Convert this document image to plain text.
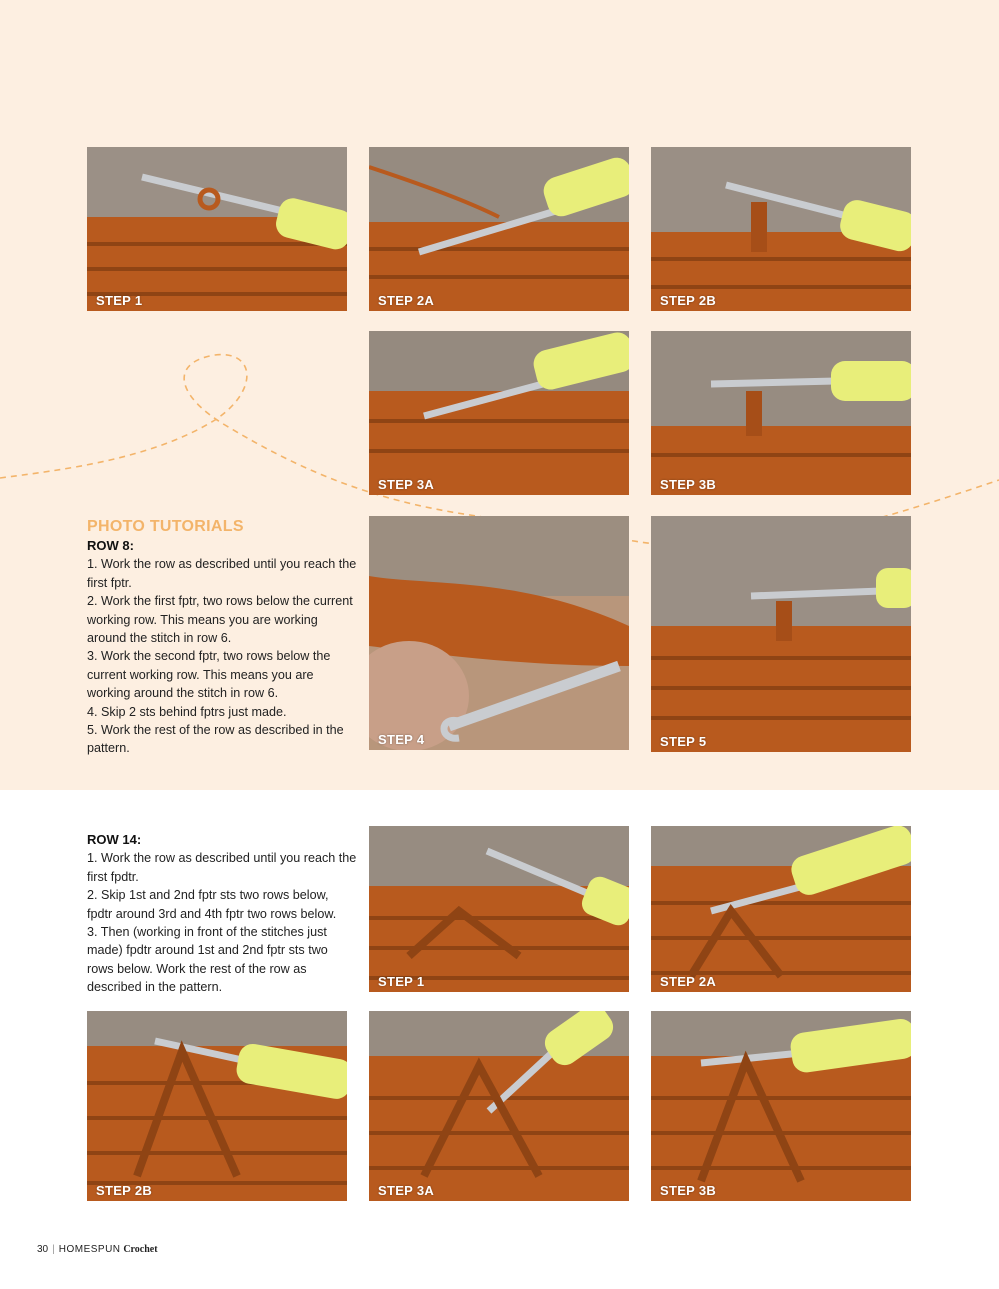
STEP 1	STEP 2A	STEP 2B
STEP 3A	STEP 3B
STEP 4	STEP 5
PHOTO TUTORIALS
ROW 8:

1. Work the row as described until you reach the first fptr.

2. Work the first fptr, two rows below the current working row. This means you are working around the stitch in row 6.

3. Work the second fptr, two rows below the current working row. This means you are working around the stitch in row 6.

4. Skip 2 sts behind fptrs just made.

5. Work the rest of the row as described in the pattern.

ROW 14:

1. Work the row as described until you reach the first fpdtr.

2. Skip 1st and 2nd fptr sts two rows below, fpdtr around 3rd and 4th fptr two rows below.

3. Then (working in front of the stitches just made) fpdtr around 1st and 2nd fptr sts two rows below. Work the rest of the row as described in the pattern.	STEP 1	STEP 2A
STEP 2B	STEP 3A	STEP 3B
30 | HOMESPUN Crochet
